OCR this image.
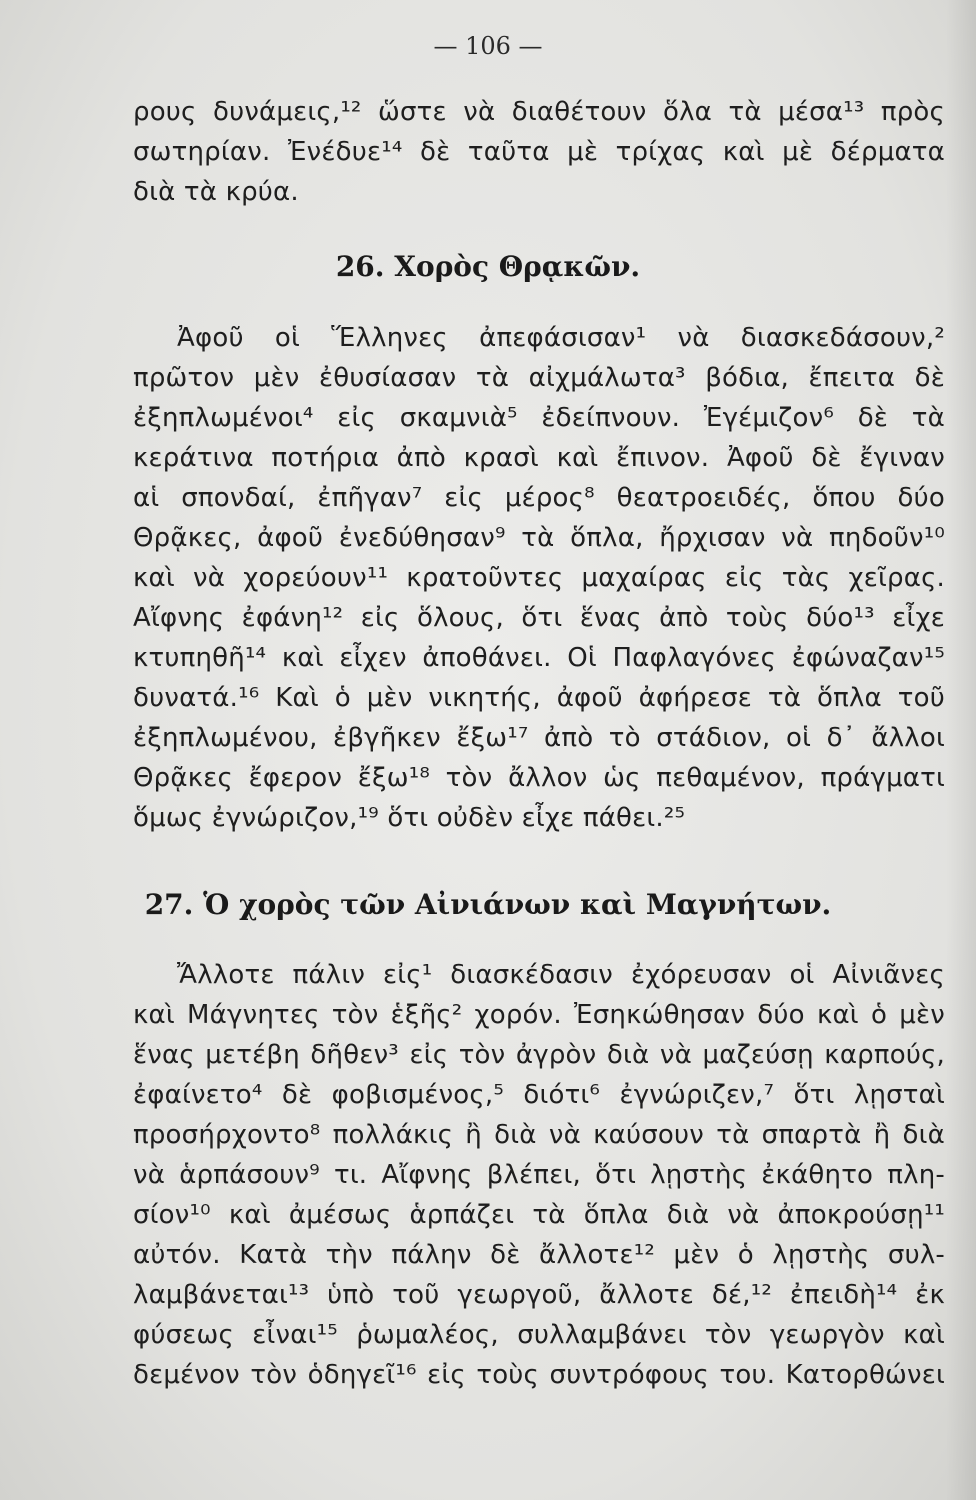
— 106 —
ρους δυνάμεις,¹² ὥστε νὰ διαθέτουν ὅλα τὰ μέσα¹³ πρὸς
σωτηρίαν. Ἐνέδυε¹⁴ δὲ ταῦτα μὲ τρίχας καὶ μὲ δέρματα
διὰ τὰ κρύα.
26. Χορὸς Θρᾳκῶν.
Ἀφοῦ οἱ Ἕλληνες ἀπεφάσισαν¹ νὰ διασκεδάσουν,²
πρῶτον μὲν ἐθυσίασαν τὰ αἰχμάλωτα³ βόδια, ἔπειτα δὲ
ἐξηπλωμένοι⁴ εἰς σκαμνιὰ⁵ ἐδείπνουν. Ἐγέμιζον⁶ δὲ τὰ
κεράτινα ποτήρια ἀπὸ κρασὶ καὶ ἔπινον. Ἀφοῦ δὲ ἔγιναν
αἱ σπονδαί, ἐπῆγαν⁷ εἰς μέρος⁸ θεατροειδές, ὅπου δύο
Θρᾷκες, ἀφοῦ ἐνεδύθησαν⁹ τὰ ὅπλα, ἤρχισαν νὰ πηδοῦν¹⁰
καὶ νὰ χορεύουν¹¹ κρατοῦντες μαχαίρας εἰς τὰς χεῖρας.
Αἴφνης ἐφάνη¹² εἰς ὅλους, ὅτι ἕνας ἀπὸ τοὺς δύο¹³ εἶχε
κτυπηθῆ¹⁴ καὶ εἶχεν ἀποθάνει. Οἱ Παφλαγόνες ἐφώναζαν¹⁵
δυνατά.¹⁶ Καὶ ὁ μὲν νικητής, ἀφοῦ ἀφήρεσε τὰ ὅπλα τοῦ
ἐξηπλωμένου, ἐβγῆκεν ἔξω¹⁷ ἀπὸ τὸ στάδιον, οἱ δ᾽ ἄλλοι
Θρᾷκες ἔφερον ἔξω¹⁸ τὸν ἄλλον ὡς πεθαμένον, πράγματι
ὅμως ἐγνώριζον,¹⁹ ὅτι οὐδὲν εἶχε πάθει.²⁵
27. Ὁ χορὸς τῶν Αἰνιάνων καὶ Μαγνήτων.
Ἄλλοτε πάλιν εἰς¹ διασκέδασιν ἐχόρευσαν οἱ Αἰνιᾶνες
καὶ Μάγνητες τὸν ἑξῆς² χορόν. Ἐσηκώθησαν δύο καὶ ὁ μὲν
ἕνας μετέβη δῆθεν³ εἰς τὸν ἀγρὸν διὰ νὰ μαζεύσῃ καρπούς,
ἐφαίνετο⁴ δὲ φοβισμένος,⁵ διότι⁶ ἐγνώριζεν,⁷ ὅτι λῃσταὶ
προσήρχοντο⁸ πολλάκις ἢ διὰ νὰ καύσουν τὰ σπαρτὰ ἢ διὰ
νὰ ἁρπάσουν⁹ τι. Αἴφνης βλέπει, ὅτι λῃστὴς ἐκάθητο πλη-
σίον¹⁰ καὶ ἀμέσως ἁρπάζει τὰ ὅπλα διὰ νὰ ἀποκρούσῃ¹¹
αὐτόν. Κατὰ τὴν πάλην δὲ ἄλλοτε¹² μὲν ὁ λῃστὴς συλ-
λαμβάνεται¹³ ὑπὸ τοῦ γεωργοῦ, ἄλλοτε δέ,¹² ἐπειδὴ¹⁴ ἐκ
φύσεως εἶναι¹⁵ ῥωμαλέος, συλλαμβάνει τὸν γεωργὸν καὶ
δεμένον τὸν ὁδηγεῖ¹⁶ εἰς τοὺς συντρόφους του. Κατορθώνει
